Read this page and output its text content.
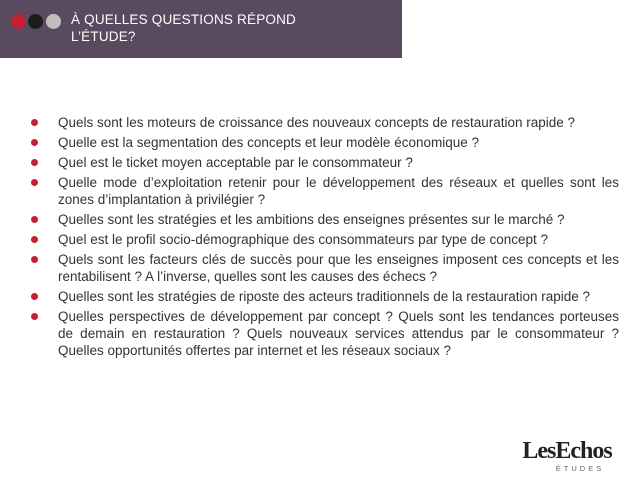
À QUELLES QUESTIONS RÉPOND
L’ÉTUDE?
Quels sont les moteurs de croissance des nouveaux concepts de restauration rapide ?
Quelle est la segmentation des concepts et leur modèle économique ?
Quel est le ticket moyen acceptable par le consommateur ?
Quelle mode d’exploitation retenir pour le développement des réseaux et quelles sont les zones d’implantation à privilégier ?
Quelles sont les stratégies et les ambitions des enseignes présentes sur le marché ?
Quel est le profil socio-démographique des consommateurs par type de concept ?
Quels sont les facteurs clés de succès pour que les enseignes imposent ces concepts et les rentabilisent ? A l’inverse, quelles sont les causes des échecs ?
Quelles sont les stratégies de riposte des acteurs traditionnels de la restauration rapide ?
Quelles perspectives de développement par concept ? Quels sont les tendances porteuses de demain en restauration ? Quels nouveaux services attendus par le consommateur ? Quelles opportunités offertes par internet et les réseaux sociaux ?
LesEchos
ÉTUDES
